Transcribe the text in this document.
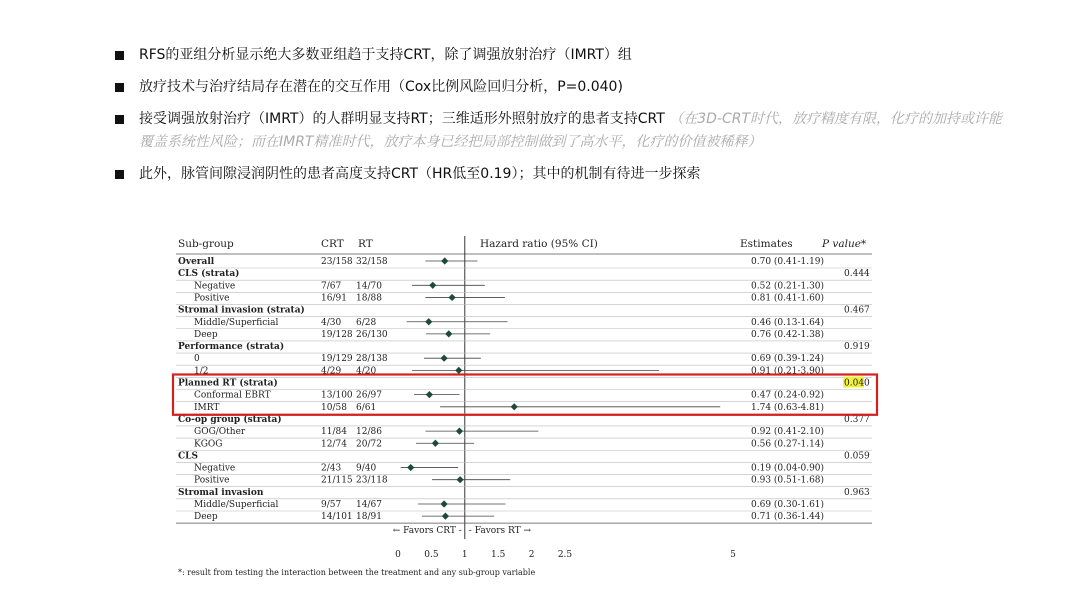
RFS的亚组分析显示绝大多数亚组趋于支持CRT，除了调强放射治疗（IMRT）组
放疗技术与治疗结局存在潜在的交互作用（Cox比例风险回归分析，P=0.040)
接受调强放射治疗（IMRT）的人群明显支持RT；三维适形外照射放疗的患者支持CRT （在3D-CRT时代，放疗精度有限，化疗的加持或许能覆盖系统性风险；而在IMRT精准时代，放疗本身已经把局部控制做到了高水平，化疗的价值被稀释）
此外，脉管间隙浸润阴性的患者高度支持CRT（HR低至0.19）；其中的机制有待进一步探索
Sub-group	CRT RT	Hazard ratio (95% CI)	Estimates	P value*
Overall	23/158 32/158	0.70 (0.41-1.19)
CLS (strata)	0.444
Negative	7/67 14/70	0.52 (0.21-1.30)
Positive	16/91 18/88	0.81 (0.41-1.60)
Stromal invasion (strata)	0.467
Middle/Superficial	4/30 6/28	0.46 (0.13-1.64)
Deep	19/128 26/130	0.76 (0.42-1.38)
Performance (strata)	0.919
0	19/129 28/138	0.69 (0.39-1.24)
1/2	4/29 4/20	0.91 (0.21-3.90)
Planned RT (strata)	0.040
Conformal EBRT	13/100 26/97	0.47 (0.24-0.92)
IMRT	10/58 6/61	1.74 (0.63-4.81)
Co-op group (strata)	0.377
GOG/Other	11/84 12/86	0.92 (0.41-2.10)
KGOG	12/74 20/72	0.56 (0.27-1.14)
CLS	0.059
Negative	2/43 9/40	0.19 (0.04-0.90)
Positive	21/115 23/118	0.93 (0.51-1.68)
Stromal invasion	0.963
Middle/Superficial	9/57 14/67	0.69 (0.30-1.61)
Deep	14/101 18/91	0.71 (0.36-1.44)
← Favors CRT - - Favors RT →
0	0.5	1	1.5	2	2.5	5
*: result from testing the interaction between the treatment and any sub-group variable
